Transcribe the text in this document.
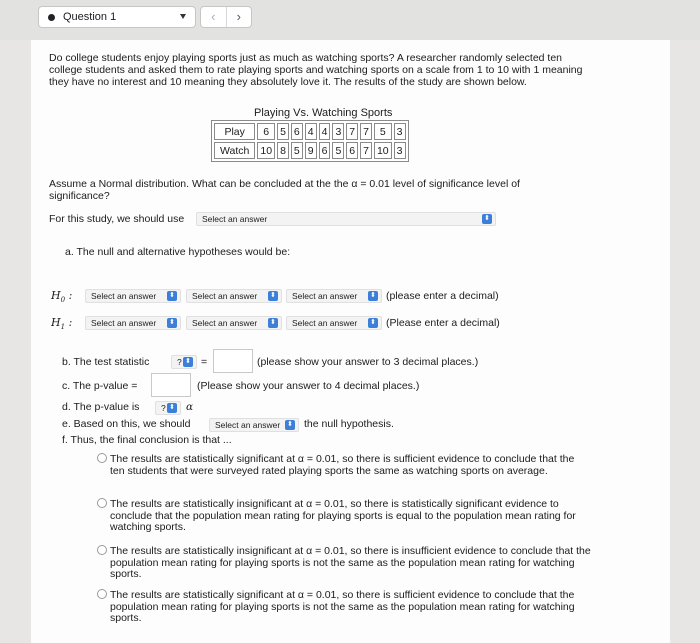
Question 1	‹	›
Do college students enjoy playing sports just as much as watching sports? A researcher randomly selected ten college students and asked them to rate playing sports and watching sports on a scale from 1 to 10 with 1 meaning they have no interest and 10 meaning they absolutely love it. The results of the study are shown below.
Playing Vs. Watching Sports
Play	6	5	6	4	4	3	7	7	5	3
Watch	10	8	5	9	6	5	6	7	10	3
Assume a Normal distribution. What can be concluded at the the α = 0.01 level of significance level of significance?
For this study, we should use	Select an answer	⬍
a. The null and alternative hypotheses would be:
$H_0$ :	Select an answer ⬍	Select an answer ⬍	Select an answer ⬍ (please enter a decimal)
$H_1$ :	Select an answer ⬍	Select an answer ⬍	Select an answer ⬍ (Please enter a decimal)
b. The test statistic	? ⬍ =	(please show your answer to 3 decimal places.)
c. The p-value =	(Please show your answer to 4 decimal places.)
d. The p-value is	? ⬍ α
e. Based on this, we should	Select an answer ⬍ the null hypothesis.
f. Thus, the final conclusion is that ...
The results are statistically significant at α = 0.01, so there is sufficient evidence to conclude that the ten students that were surveyed rated playing sports the same as watching sports on average.
The results are statistically insignificant at α = 0.01, so there is statistically significant evidence to conclude that the population mean rating for playing sports is equal to the population mean rating for watching sports.
The results are statistically insignificant at α = 0.01, so there is insufficient evidence to conclude that the population mean rating for playing sports is not the same as the population mean rating for watching sports.
The results are statistically significant at α = 0.01, so there is sufficient evidence to conclude that the population mean rating for playing sports is not the same as the population mean rating for watching sports.
